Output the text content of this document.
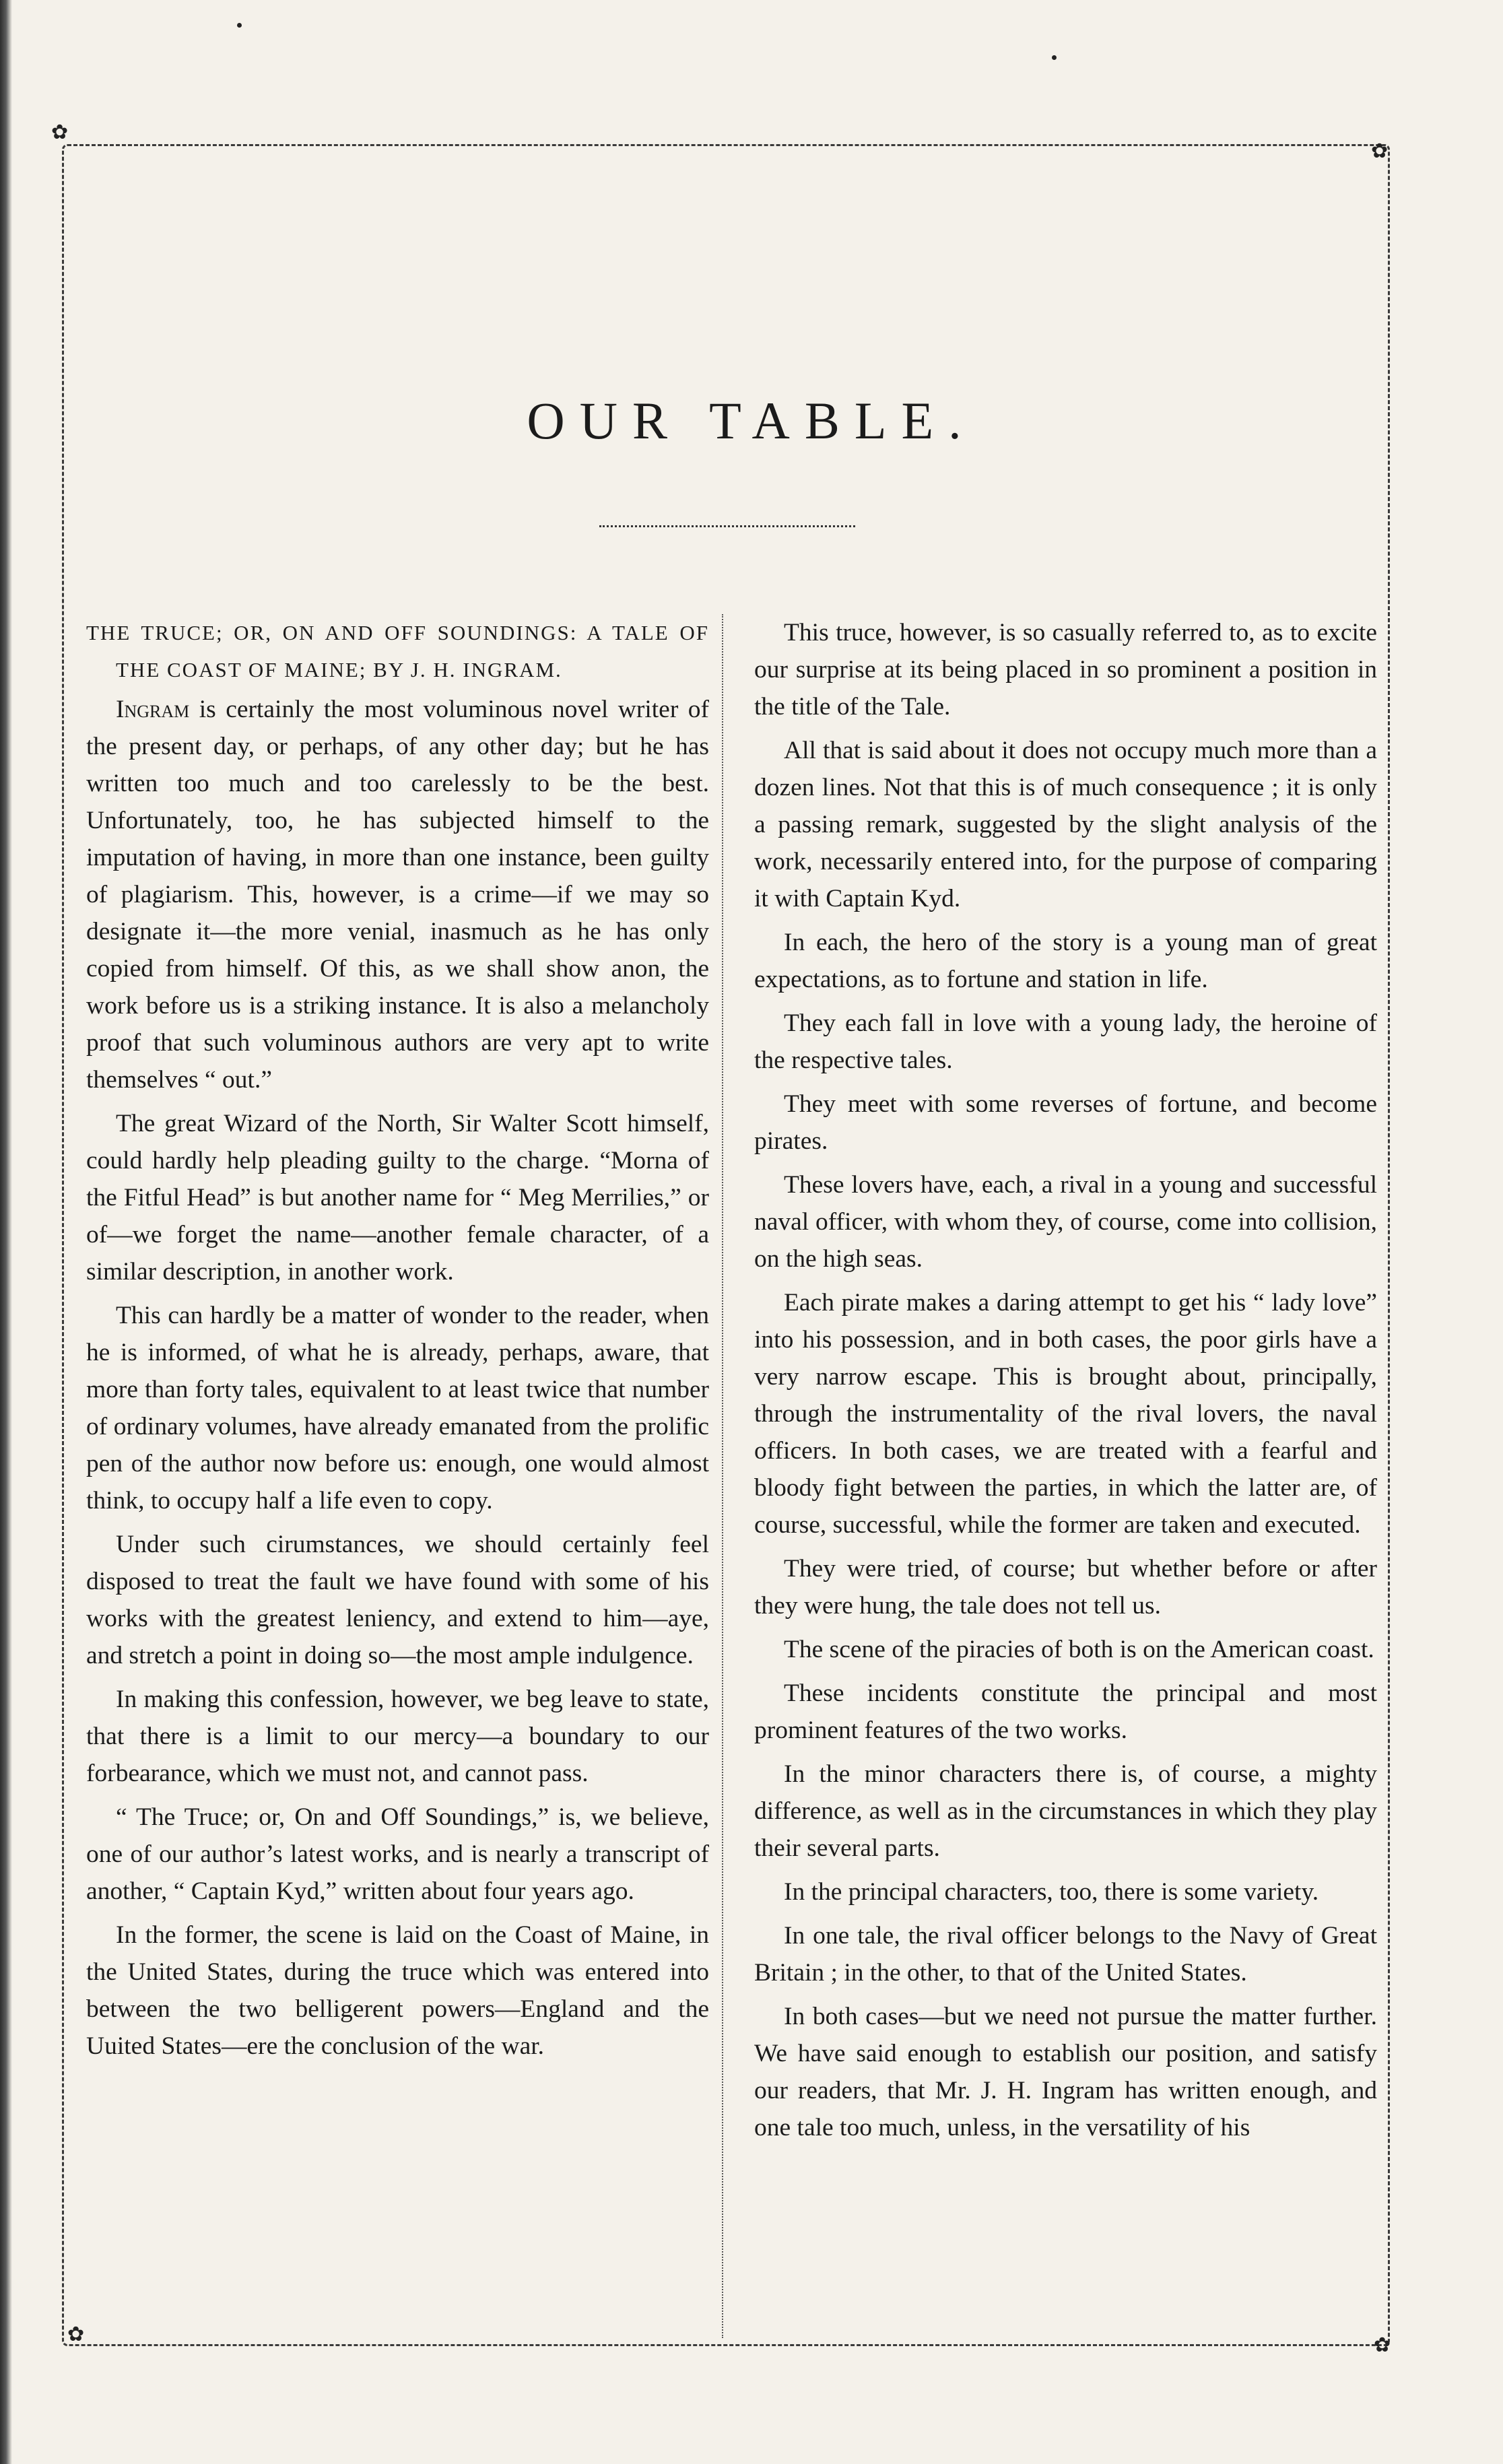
✿
✿
✿	✿
OUR TABLE.

THE TRUCE; OR, ON AND OFF SOUNDINGS: A TALE OF THE COAST OF MAINE; BY J. H. INGRAM.

Ingram is certainly the most voluminous novel writer of the present day, or perhaps, of any other day; but he has written too much and too carelessly to be the best. Unfortunately, too, he has subjected himself to the imputation of having, in more than one instance, been guilty of plagiarism. This, however, is a crime—if we may so designate it—the more venial, inasmuch as he has only copied from himself. Of this, as we shall show anon, the work before us is a striking instance. It is also a melancholy proof that such voluminous authors are very apt to write themselves “ out.”

The great Wizard of the North, Sir Walter Scott himself, could hardly help pleading guilty to the charge. “Morna of the Fitful Head” is but another name for “ Meg Merrilies,” or of—we forget the name—another female character, of a similar description, in another work.

This can hardly be a matter of wonder to the reader, when he is informed, of what he is already, perhaps, aware, that more than forty tales, equivalent to at least twice that number of ordinary volumes, have already emanated from the prolific pen of the author now before us: enough, one would almost think, to occupy half a life even to copy.

Under such cirumstances, we should certainly feel disposed to treat the fault we have found with some of his works with the greatest leniency, and extend to him—aye, and stretch a point in doing so—the most ample indulgence.

In making this confession, however, we beg leave to state, that there is a limit to our mercy—a boundary to our forbearance, which we must not, and cannot pass.

“ The Truce; or, On and Off Soundings,” is, we believe, one of our author’s latest works, and is nearly a transcript of another, “ Captain Kyd,” written about four years ago.

In the former, the scene is laid on the Coast of Maine, in the United States, during the truce which was entered into between the two belligerent powers—England and the Uuited States—ere the conclusion of the war.

This truce, however, is so casually referred to, as to excite our surprise at its being placed in so prominent a position in the title of the Tale.

All that is said about it does not occupy much more than a dozen lines. Not that this is of much consequence ; it is only a passing remark, suggested by the slight analysis of the work, necessarily entered into, for the purpose of comparing it with Captain Kyd.

In each, the hero of the story is a young man of great expectations, as to fortune and station in life.

They each fall in love with a young lady, the heroine of the respective tales.

They meet with some reverses of fortune, and become pirates.

These lovers have, each, a rival in a young and successful naval officer, with whom they, of course, come into collision, on the high seas.

Each pirate makes a daring attempt to get his “ lady love” into his possession, and in both cases, the poor girls have a very narrow escape. This is brought about, principally, through the instrumentality of the rival lovers, the naval officers. In both cases, we are treated with a fearful and bloody fight between the parties, in which the latter are, of course, successful, while the former are taken and executed.

They were tried, of course; but whether before or after they were hung, the tale does not tell us.

The scene of the piracies of both is on the American coast.

These incidents constitute the principal and most prominent features of the two works.

In the minor characters there is, of course, a mighty difference, as well as in the circumstances in which they play their several parts.

In the principal characters, too, there is some variety.

In one tale, the rival officer belongs to the Navy of Great Britain ; in the other, to that of the United States.

In both cases—but we need not pursue the matter further. We have said enough to establish our position, and satisfy our readers, that Mr. J. H. Ingram has written enough, and one tale too much, unless, in the versatility of his
